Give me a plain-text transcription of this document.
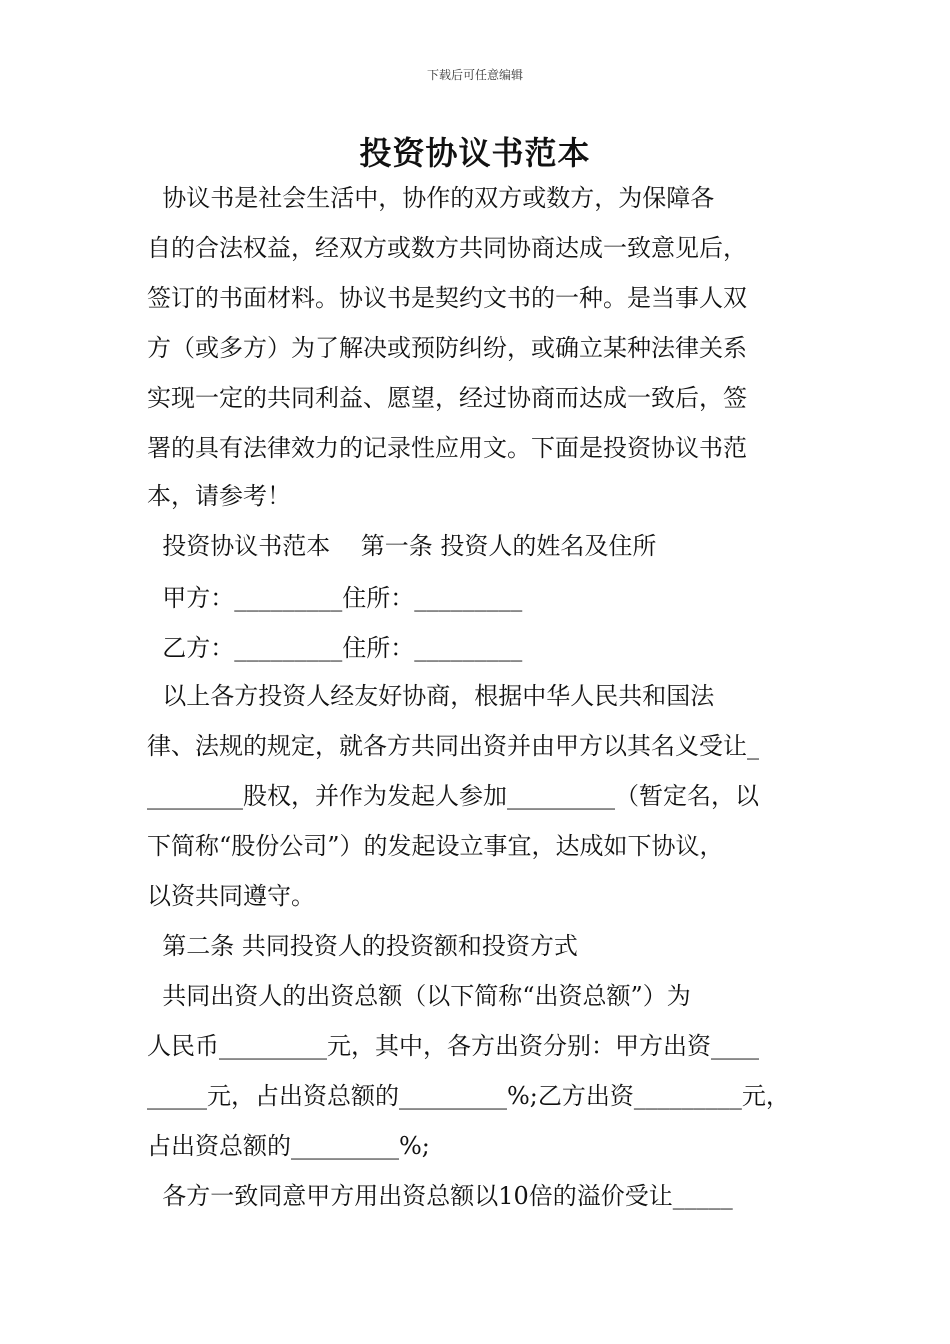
下载后可任意编辑
投资协议书范本
协议书是社会生活中，协作的双方或数方，为保障各
自的合法权益，经双方或数方共同协商达成一致意见后，
签订的书面材料。协议书是契约文书的一种。是当事人双
方（或多方）为了解决或预防纠纷，或确立某种法律关系
实现一定的共同利益、愿望，经过协商而达成一致后，签
署的具有法律效力的记录性应用文。下面是投资协议书范
本，请参考！
投资协议书范本    第一条 投资人的姓名及住所
甲方：_________住所：_________
乙方：_________住所：_________
以上各方投资人经友好协商，根据中华人民共和国法
律、法规的规定，就各方共同出资并由甲方以其名义受让_
________股权，并作为发起人参加_________（暂定名，以
下简称“股份公司”）的发起设立事宜，达成如下协议，
以资共同遵守。
第二条 共同投资人的投资额和投资方式
共同出资人的出资总额（以下简称“出资总额”）为
人民币_________元，其中，各方出资分别：甲方出资____
_____元，占出资总额的_________%;乙方出资_________元，
占出资总额的_________%;
各方一致同意甲方用出资总额以10倍的溢价受让_____
